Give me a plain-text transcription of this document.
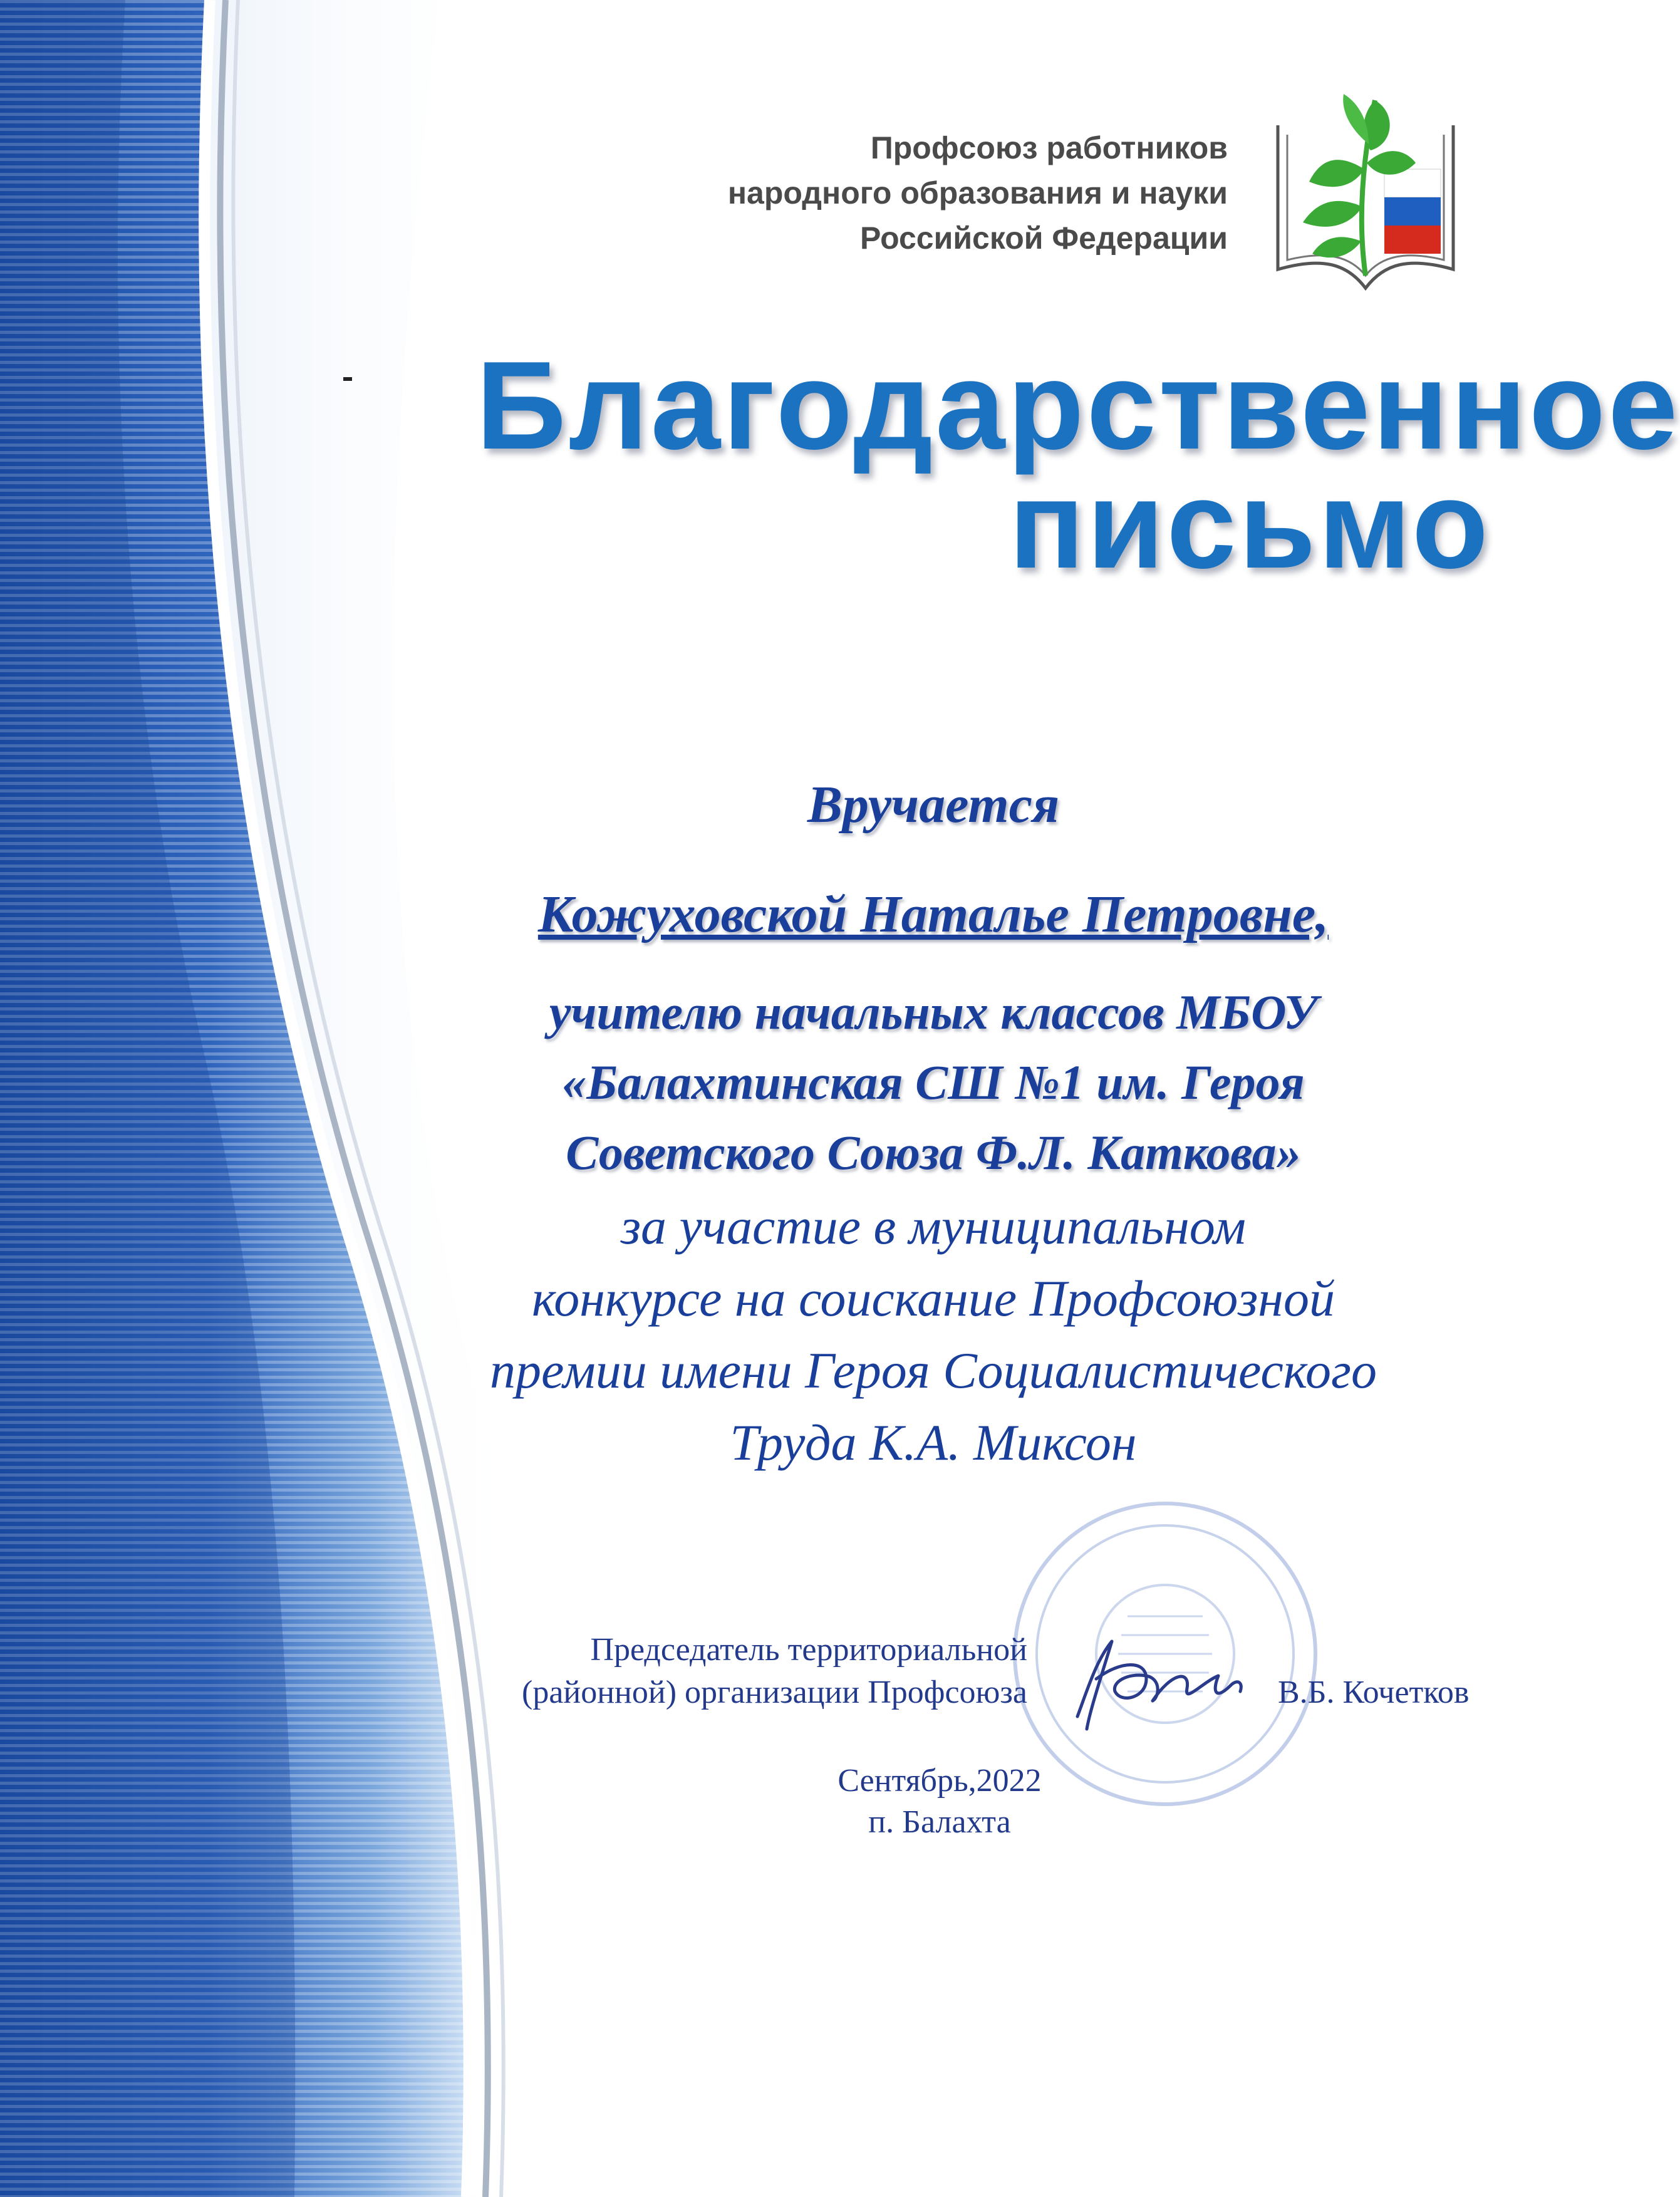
Профсоюз работников
народного образования и науки
Российской Федерации
Благодарственное
письмо
Вручается
Кожуховской Наталье Петровне,
учителю начальных классов МБОУ
«Балахтинская СШ №1 им. Героя
Советского Союза Ф.Л. Каткова»
за участие в муниципальном
конкурсе на соискание Профсоюзной
премии имени Героя Социалистического
Труда К.А. Миксон
Председатель территориальной
(районной) организации Профсоюза	В.Б. Кочетков
Сентябрь,2022
п. Балахта
